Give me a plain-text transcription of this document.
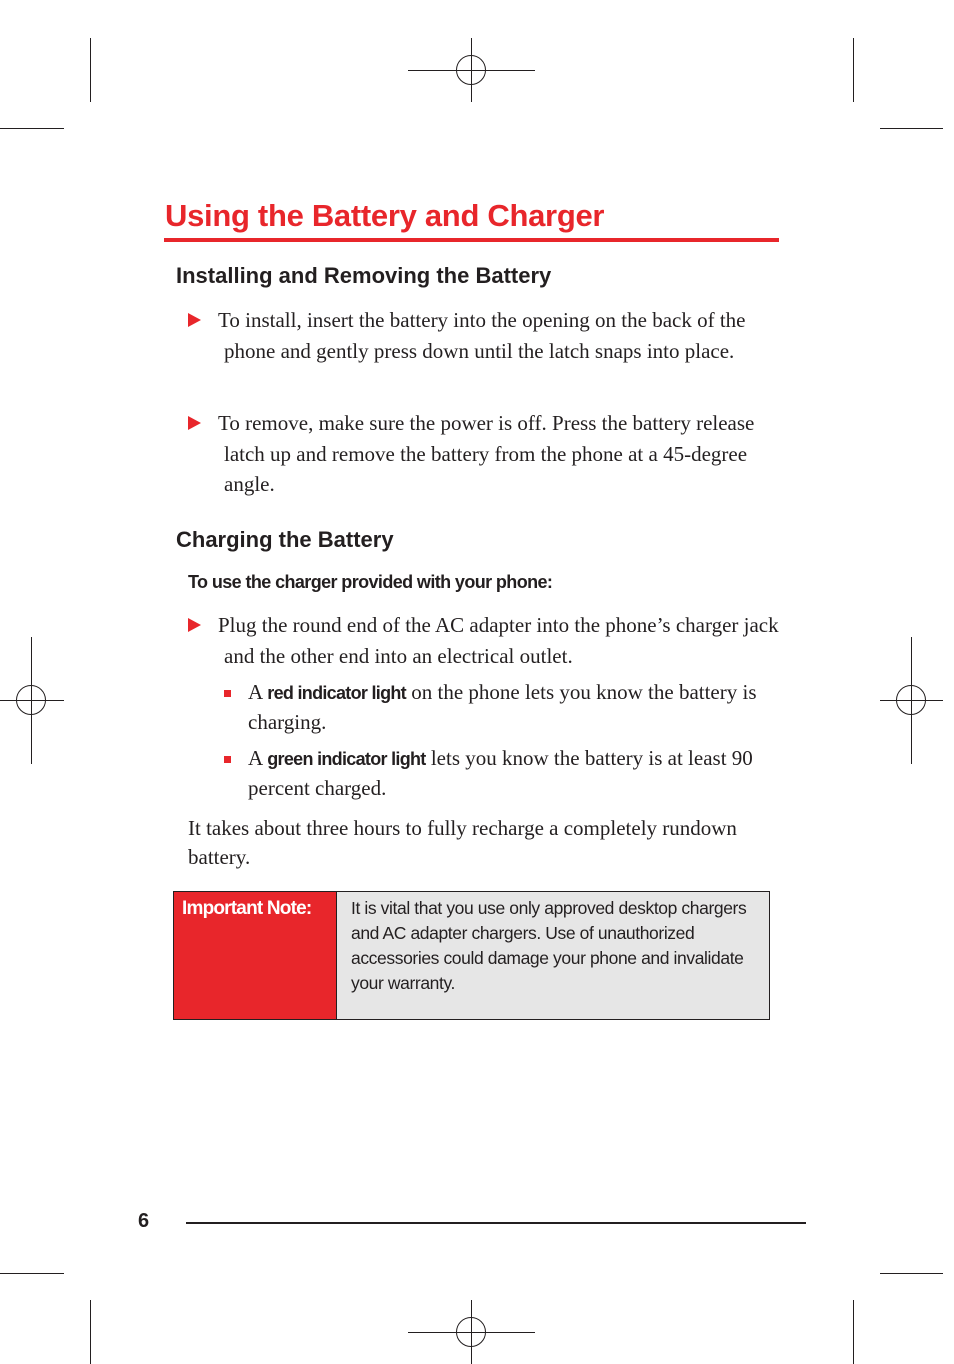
Using the Battery and Charger
Installing and Removing the Battery
To install, insert the battery into the opening on the back of the phone and gently press down until the latch snaps into place.
To remove, make sure the power is off. Press the battery release latch up and remove the battery from the phone at a 45-degree angle.
Charging the Battery
To use the charger provided with your phone:
Plug the round end of the AC adapter into the phone’s charger jack and the other end into an electrical outlet.
A red indicator light on the phone lets you know the battery is charging.
A green indicator light lets you know the battery is at least 90 percent charged.

It takes about three hours to fully recharge a completely rundown battery.

Important Note: It is vital that you use only approved desktop chargers and AC adapter chargers. Use of unauthorized accessories could damage your phone and invalidate your warranty.

6
